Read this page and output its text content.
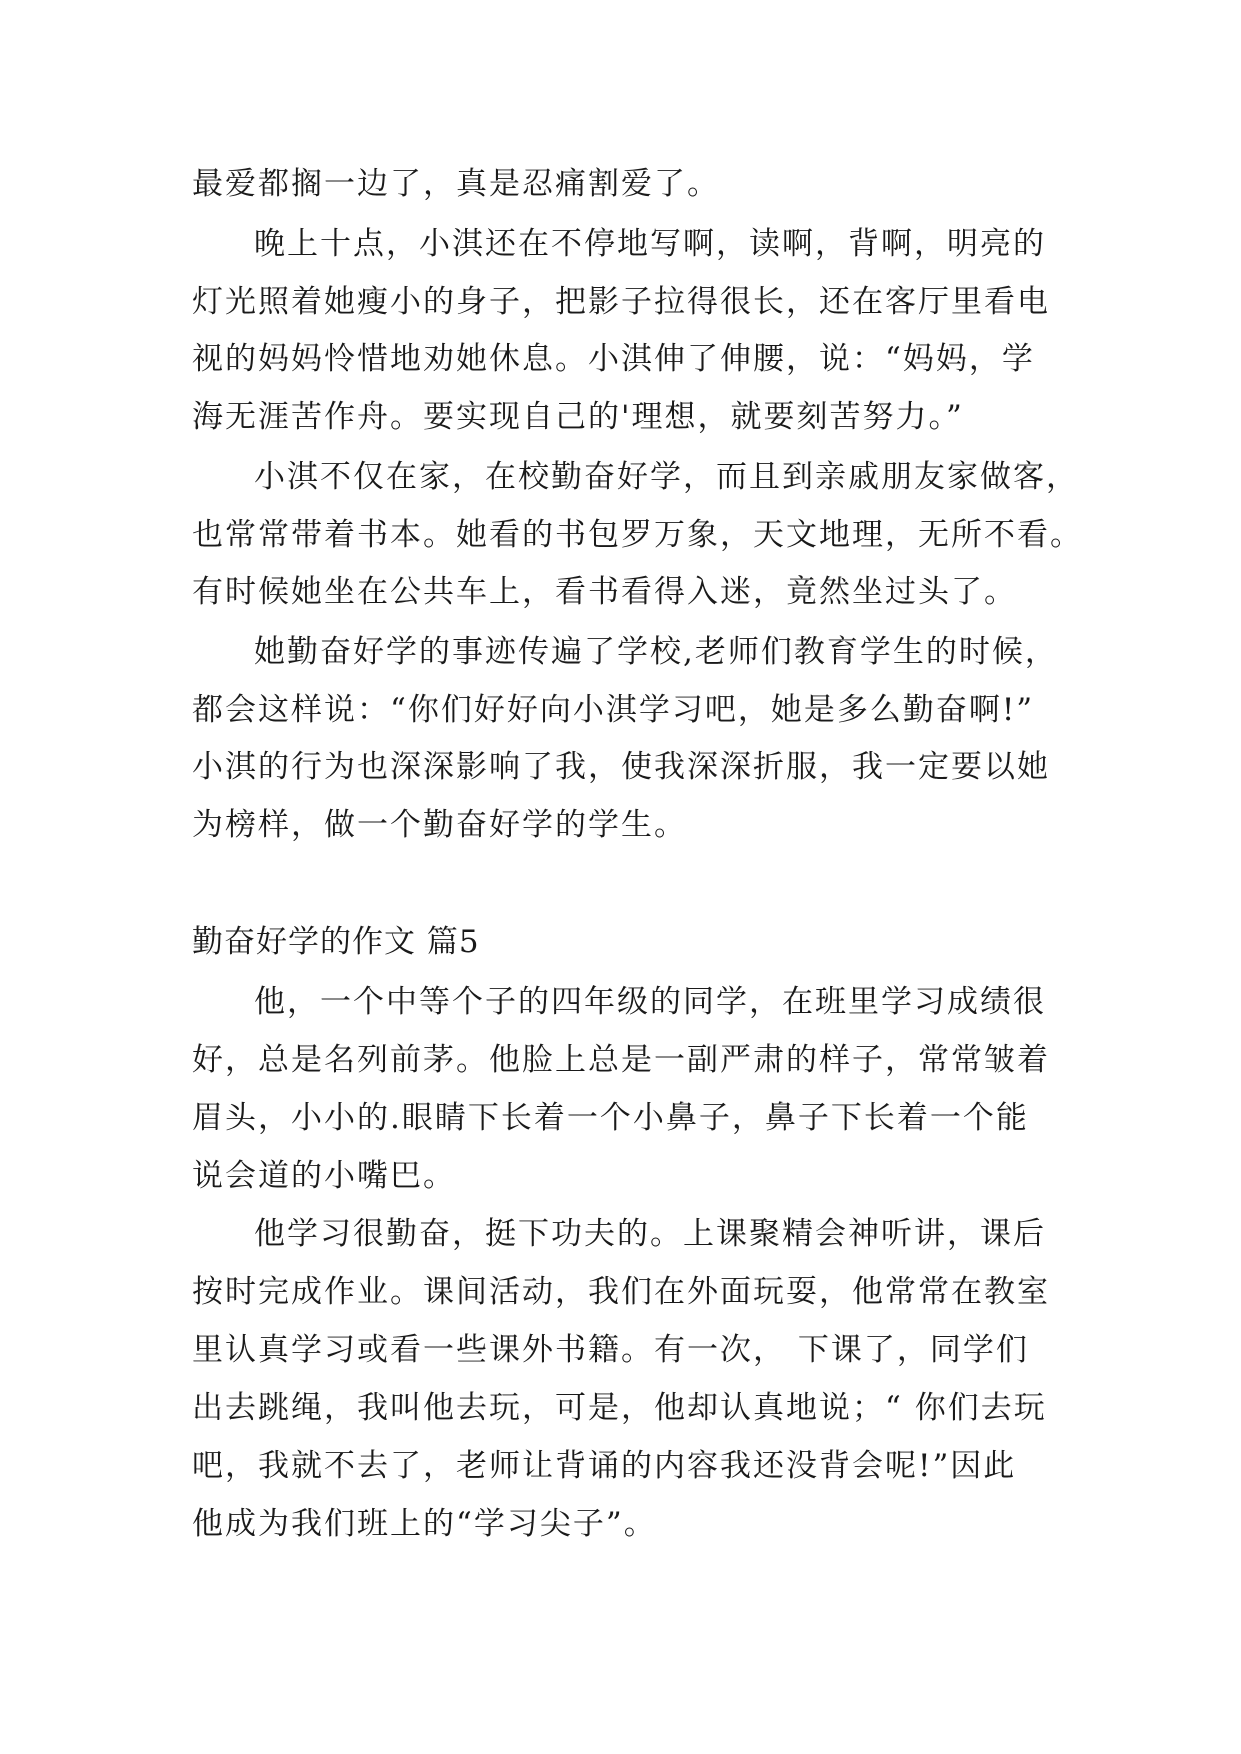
最爱都搁一边了，真是忍痛割爱了。

晚上十点，小淇还在不停地写啊，读啊，背啊，明亮的

灯光照着她瘦小的身子，把影子拉得很长，还在客厅里看电

视的妈妈怜惜地劝她休息。小淇伸了伸腰，说：“妈妈，学

海无涯苦作舟。要实现自己的'理想，就要刻苦努力。”

小淇不仅在家，在校勤奋好学，而且到亲戚朋友家做客，

也常常带着书本。她看的书包罗万象，天文地理，无所不看。

有时候她坐在公共车上，看书看得入迷，竟然坐过头了。

她勤奋好学的事迹传遍了学校,老师们教育学生的时候，

都会这样说：“你们好好向小淇学习吧，她是多么勤奋啊!”

小淇的行为也深深影响了我，使我深深折服，我一定要以她

为榜样，做一个勤奋好学的学生。

勤奋好学的作文 篇5

他，一个中等个子的四年级的同学，在班里学习成绩很

好，总是名列前茅。他脸上总是一副严肃的样子，常常皱着

眉头，小小的.眼睛下长着一个小鼻子，鼻子下长着一个能

说会道的小嘴巴。

他学习很勤奋，挺下功夫的。上课聚精会神听讲，课后

按时完成作业。课间活动，我们在外面玩耍，他常常在教室

里认真学习或看一些课外书籍。有一次， 下课了，同学们

出去跳绳，我叫他去玩，可是，他却认真地说；“ 你们去玩

吧，我就不去了，老师让背诵的内容我还没背会呢!”因此

他成为我们班上的“学习尖子”。
